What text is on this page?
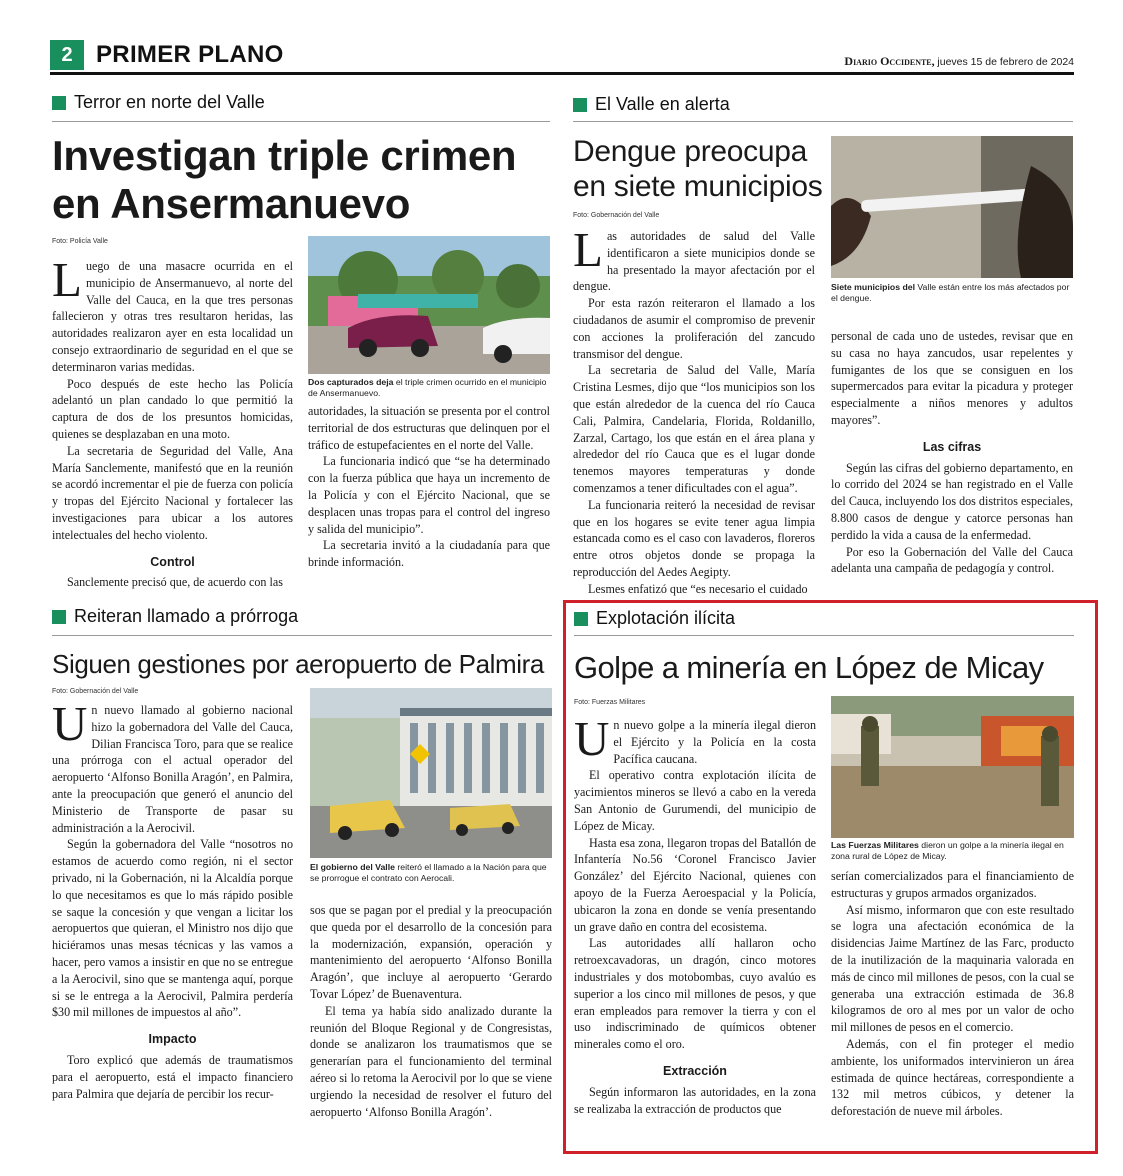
2 PRIMER PLANO	Diario Occidente, jueves 15 de febrero de 2024
Terror en norte del Valle
Investigan triple crimen en Ansermanuevo
Foto: Policía Valle

Luego de una masacre ocurrida en el municipio de Ansermanuevo, al norte del Valle del Cauca, en la que tres personas fallecieron y otras tres resultaron heridas, las autoridades realizaron ayer en esta localidad un consejo extraordinario de seguridad en el que se determinaron varias medidas.

Poco después de este hecho las Policía adelantó un plan candado lo que permitió la captura de dos de los presuntos homicidas, quienes se desplazaban en una moto.

La secretaria de Seguridad del Valle, Ana María Sanclemente, manifestó que en la reunión se acordó incrementar el pie de fuerza con policía y tropas del Ejército Nacional y fortalecer las investigaciones para ubicar a los autores intelectuales del hecho violento.

Control

Sanclemente precisó que, de acuerdo con las

Dos capturados deja el triple crimen ocurrido en el municipio de Ansermanuevo.

autoridades, la situación se presenta por el control territorial de dos estructuras que delinquen por el tráfico de estupefacientes en el norte del Valle.

La funcionaria indicó que “se ha determinado con la fuerza pública que haya un incremento de la Policía y con el Ejército Nacional, que se desplacen unas tropas para el control del ingreso y salida del municipio”.

La secretaria invitó a la ciudadanía para que brinde información.

El Valle en alerta
Dengue preocupa en siete municipios
Foto: Gobernación del Valle
Siete municipios del Valle están entre los más afectados por el dengue.

Las autoridades de salud del Valle identificaron a siete municipios donde se ha presentado la mayor afectación por el dengue.

Por esta razón reiteraron el llamado a los ciudadanos de asumir el compromiso de prevenir con acciones la proliferación del zancudo transmisor del dengue.

La secretaria de Salud del Valle, María Cristina Lesmes, dijo que “los municipios son los que están alrededor de la cuenca del río Cauca Cali, Palmira, Candelaria, Florida, Roldanillo, Zarzal, Cartago, los que están en el área plana y alrededor del río Cauca que es el lugar donde tenemos mayores temperaturas y donde comenzamos a tener dificultades con el agua”.

La funcionaria reiteró la necesidad de revisar que en los hogares se evite tener agua limpia estancada como es el caso con lavaderos, floreros entre otros objetos donde se propaga la reproducción del Aedes Aegipty.

Lesmes enfatizó que “es necesario el cuidado

personal de cada uno de ustedes, revisar que en su casa no haya zancudos, usar repelentes y fumigantes de los que se consiguen en los supermercados para evitar la picadura y proteger especialmente a niños menores y adultos mayores”.

Las cifras

Según las cifras del gobierno departamento, en lo corrido del 2024 se han registrado en el Valle del Cauca, incluyendo los dos distritos especiales, 8.800 casos de dengue y catorce personas han perdido la vida a causa de la enfermedad.

Por eso la Gobernación del Valle del Cauca adelanta una campaña de pedagogía y control.

Reiteran llamado a prórroga
Siguen gestiones por aeropuerto de Palmira
Foto: Gobernación del Valle

Un nuevo llamado al gobierno nacional hizo la gobernadora del Valle del Cauca, Dilian Francisca Toro, para que se realice una prórroga con el actual operador del aeropuerto ‘Alfonso Bonilla Aragón’, en Palmira, ante la preocupación que generó el anuncio del Ministerio de Transporte de pasar su administración a la Aerocivil.

Según la gobernadora del Valle “nosotros no estamos de acuerdo como región, ni el sector privado, ni la Gobernación, ni la Alcaldía porque lo que necesitamos es que lo más rápido posible se saque la concesión y que vengan a licitar los aeropuertos que quieran, el Ministro nos dijo que hiciéramos unas mesas técnicas y las vamos a hacer, pero vamos a insistir en que no se entregue a la Aerocivil, sino que se mantenga aquí, porque si se le entrega a la Aerocivil, Palmira perdería $30 mil millones de impuestos al año”.

Impacto

Toro explicó que además de traumatismos para el aeropuerto, está el impacto financiero para Palmira que dejaría de percibir los recur-

El gobierno del Valle reiteró el llamado a la Nación para que se prorrogue el contrato con Aerocali.

sos que se pagan por el predial y la preocupación que queda por el desarrollo de la concesión para la modernización, expansión, operación y mantenimiento del aeropuerto ‘Alfonso Bonilla Aragón’, que incluye al aeropuerto ‘Gerardo Tovar López’ de Buenaventura.

El tema ya había sido analizado durante la reunión del Bloque Regional y de Congresistas, donde se analizaron los traumatismos que se generarían para el funcionamiento del terminal aéreo si lo retoma la Aerocivil por lo que se viene urgiendo la necesidad de resolver el futuro del aeropuerto ‘Alfonso Bonilla Aragón’.

Explotación ilícita
Golpe a minería en López de Micay
Foto: Fuerzas Militares

Un nuevo golpe a la minería ilegal dieron el Ejército y la Policía en la costa Pacífica caucana.

El operativo contra explotación ilícita de yacimientos mineros se llevó a cabo en la vereda San Antonio de Gurumendi, del municipio de López de Micay.

Hasta esa zona, llegaron tropas del Batallón de Infantería No.56 ‘Coronel Francisco Javier González’ del Ejército Nacional, quienes con apoyo de la Fuerza Aeroespacial y la Policía, ubicaron la zona en donde se venía presentando un grave daño en contra del ecosistema.

Las autoridades allí hallaron ocho retroexcavadoras, un dragón, cinco motores industriales y dos motobombas, cuyo avalúo es superior a los cinco mil millones de pesos, y que eran empleados para remover la tierra y con el uso indiscriminado de químicos obtener minerales como el oro.

Extracción

Según informaron las autoridades, en la zona se realizaba la extracción de productos que

Las Fuerzas Militares dieron un golpe a la minería ilegal en zona rural de López de Micay.

serían comercializados para el financiamiento de estructuras y grupos armados organizados.

Así mismo, informaron que con este resultado se logra una afectación económica de la disidencias Jaime Martínez de las Farc, producto de la inutilización de la maquinaria valorada en más de cinco mil millones de pesos, con la cual se generaba una extracción estimada de 36.8 kilogramos de oro al mes por un valor de ocho mil millones de pesos en el comercio.

Además, con el fin proteger el medio ambiente, los uniformados intervinieron un área estimada de quince hectáreas, correspondiente a 132 mil metros cúbicos, y detener la deforestación de nueve mil árboles.
